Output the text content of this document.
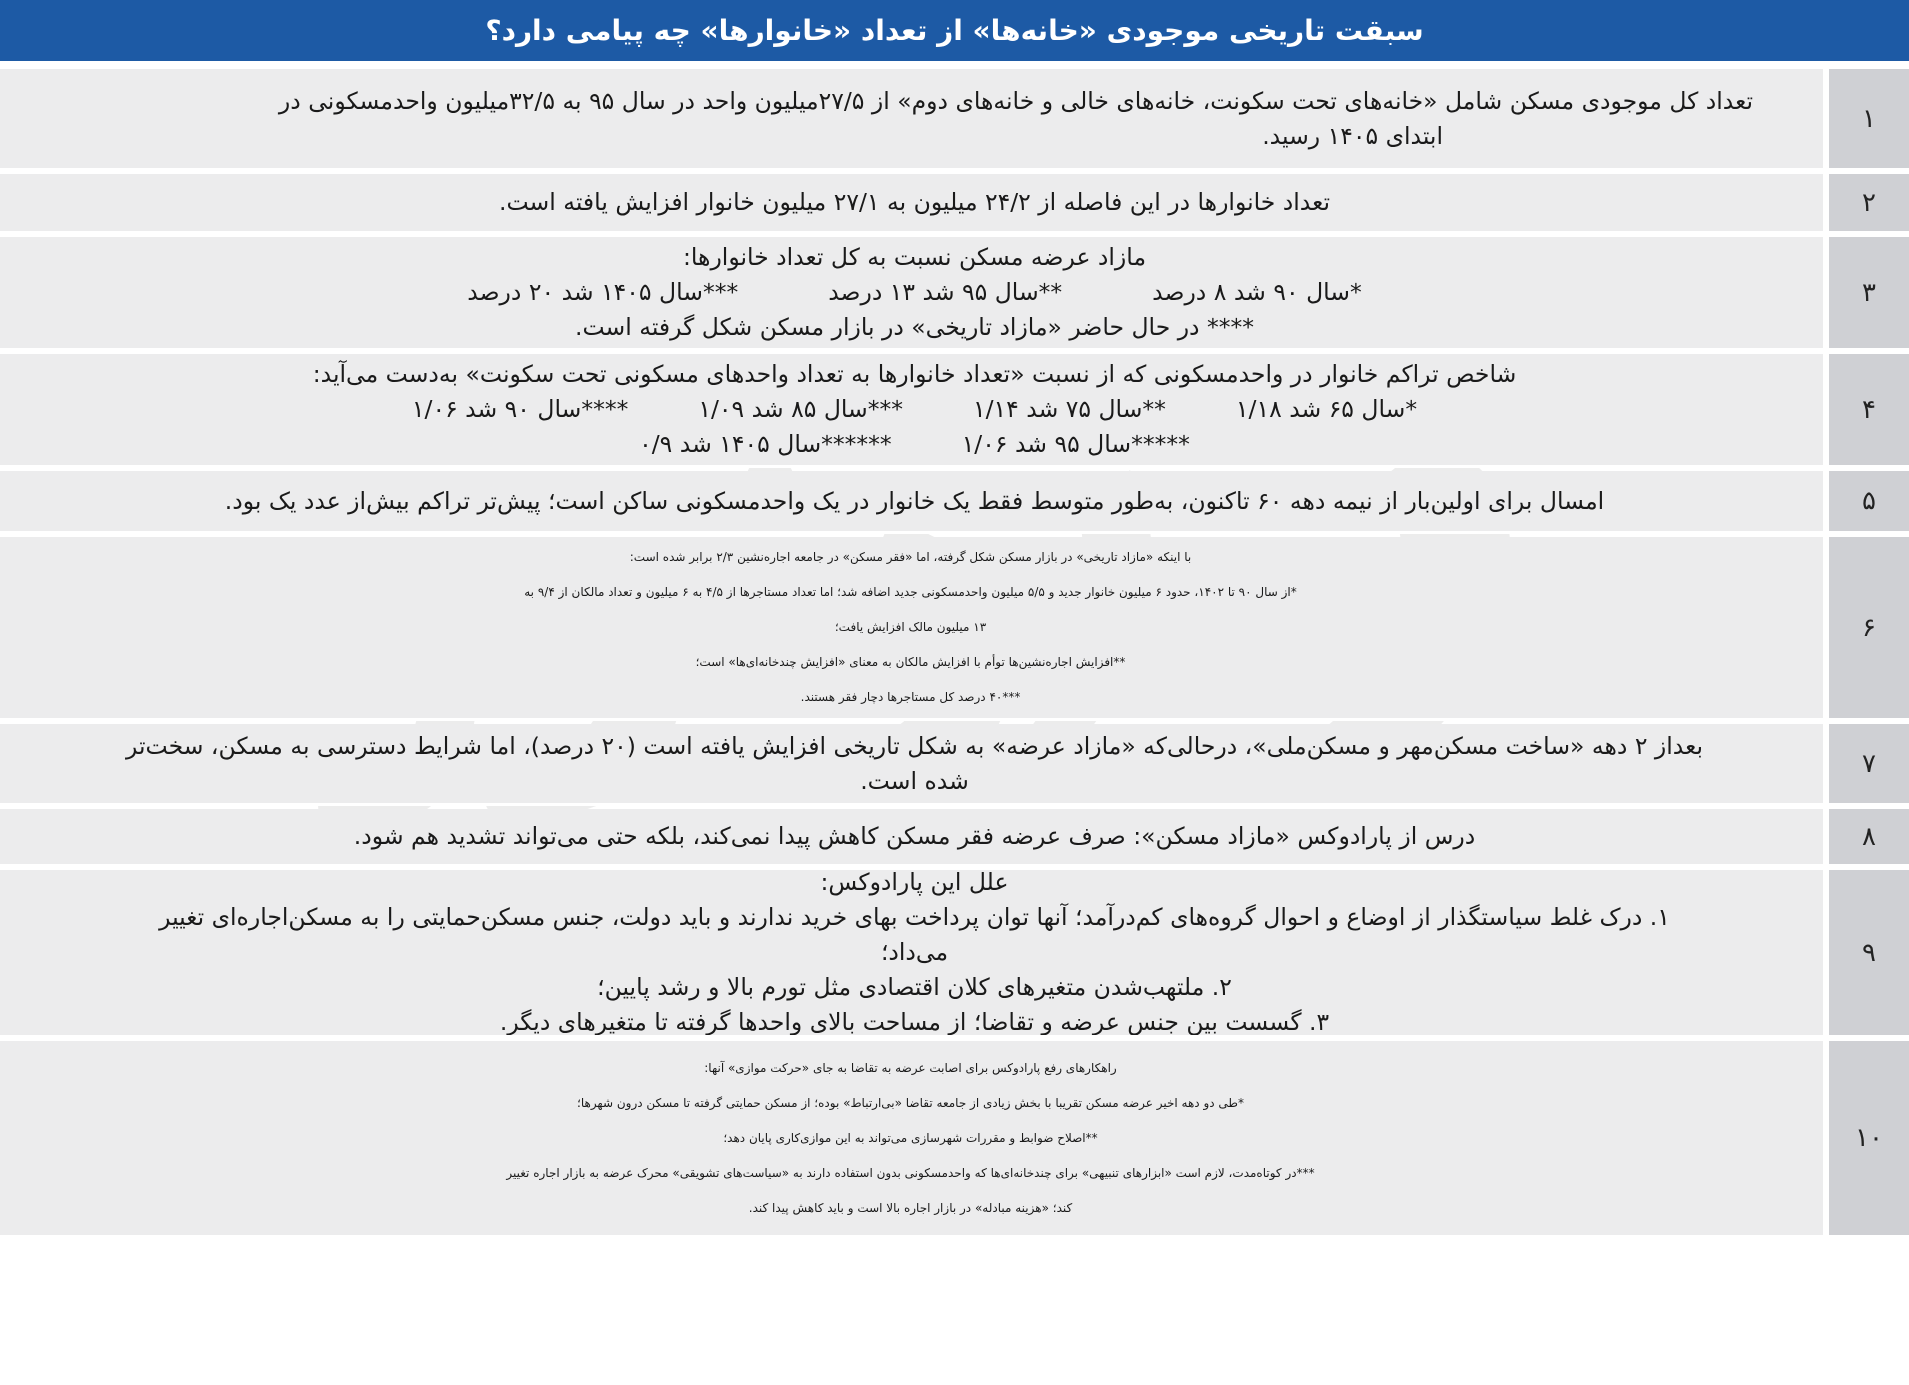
سبقت تاریخی موجودی «خانه‌ها» از تعداد «خانوارها» چه پیامی دارد؟
۱
تعداد کل موجودی مسکن شامل «خانه‌های تحت سکونت، خانه‌های خالی و خانه‌های دوم» از ۲۷/۵میلیون واحد در سال ۹۵ به ۳۲/۵میلیون واحدمسکونی در
ابتدای ۱۴۰۵ رسید.
۲
تعداد خانوارها در این فاصله از ۲۴/۲ میلیون به ۲۷/۱ میلیون خانوار افزایش یافته است.
۳
مازاد عرضه مسکن نسبت به کل تعداد خانوارها:
*سال ۹۰ شد ۸ درصد
**سال ۹۵ شد ۱۳ درصد
***سال ۱۴۰۵ شد ۲۰ درصد
**** در حال حاضر «مازاد تاریخی» در بازار مسکن شکل گرفته است.
۴
شاخص تراکم خانوار در واحدمسکونی که از نسبت «تعداد خانوارها به تعداد واحدهای مسکونی تحت سکونت» به‌دست می‌آید:
*سال ۶۵ شد ۱/۱۸
**سال ۷۵ شد ۱/۱۴
***سال ۸۵ شد ۱/۰۹
****سال ۹۰ شد ۱/۰۶
*****سال ۹۵ شد ۱/۰۶
******سال ۱۴۰۵ شد ۰/۹
۵
امسال برای اولین‌بار از نیمه دهه ۶۰ تاکنون، به‌طور متوسط فقط یک خانوار در یک واحدمسکونی ساکن است؛ پیش‌تر تراکم بیش‌از عدد یک بود.
۶
با اینکه «مازاد تاریخی» در بازار مسکن شکل گرفته، اما «فقر مسکن» در جامعه اجاره‌نشین ۲/۳ برابر شده است:
*از سال ۹۰ تا ۱۴۰۲، حدود ۶ میلیون خانوار جدید و ۵/۵ میلیون واحدمسکونی جدید اضافه شد؛ اما تعداد مستاجرها از ۴/۵ به ۶ میلیون و تعداد مالکان از ۹/۴ به
۱۳ میلیون مالک افزایش یافت؛
**افزایش اجاره‌نشین‌ها توأم با افزایش مالکان به معنای «افزایش چندخانه‌ای‌ها» است؛
***۴۰ درصد کل مستاجرها دچار فقر هستند.
۷
بعداز ۲ دهه «ساخت مسکن‌مهر و مسکن‌ملی»، درحالی‌که «مازاد عرضه» به شکل تاریخی افزایش یافته است (۲۰ درصد)، اما شرایط دسترسی به مسکن، سخت‌تر
شده است.
۸
درس از پارادوکس «مازاد مسکن»: صرف عرضه فقر مسکن کاهش پیدا نمی‌کند، بلکه حتی می‌تواند تشدید هم شود.
۹
علل این پارادوکس:
۱. درک غلط سیاستگذار از اوضاع و احوال گروه‌های کم‌درآمد؛ آنها توان پرداخت بهای خرید ندارند و باید دولت، جنس مسکن‌حمایتی را به مسکن‌اجاره‌ای تغییر
می‌داد؛
۲. ملتهب‌شدن متغیرهای کلان اقتصادی مثل تورم بالا و رشد پایین؛
۳. گسست بین جنس عرضه و تقاضا؛ از مساحت بالای واحدها گرفته تا متغیرهای دیگر.
۱۰
راهکارهای رفع پارادوکس برای اصابت عرضه به تقاضا به جای «حرکت موازی» آنها:
*طی دو دهه اخیر عرضه مسکن تقریبا با بخش زیادی از جامعه تقاضا «بی‌ارتباط» بوده؛ از مسکن حمایتی گرفته تا مسکن درون شهرها؛
**اصلاح ضوابط و مقررات شهرسازی می‌تواند به این موازی‌کاری پایان دهد؛
***در کوتاه‌مدت، لازم است «ابزارهای تنبیهی» برای چندخانه‌ای‌ها که واحدمسکونی بدون استفاده دارند به «سیاست‌های تشویقی» محرک عرضه به بازار اجاره تغییر
کند؛ «هزینه مبادله» در بازار اجاره بالا است و باید کاهش پیدا کند.
